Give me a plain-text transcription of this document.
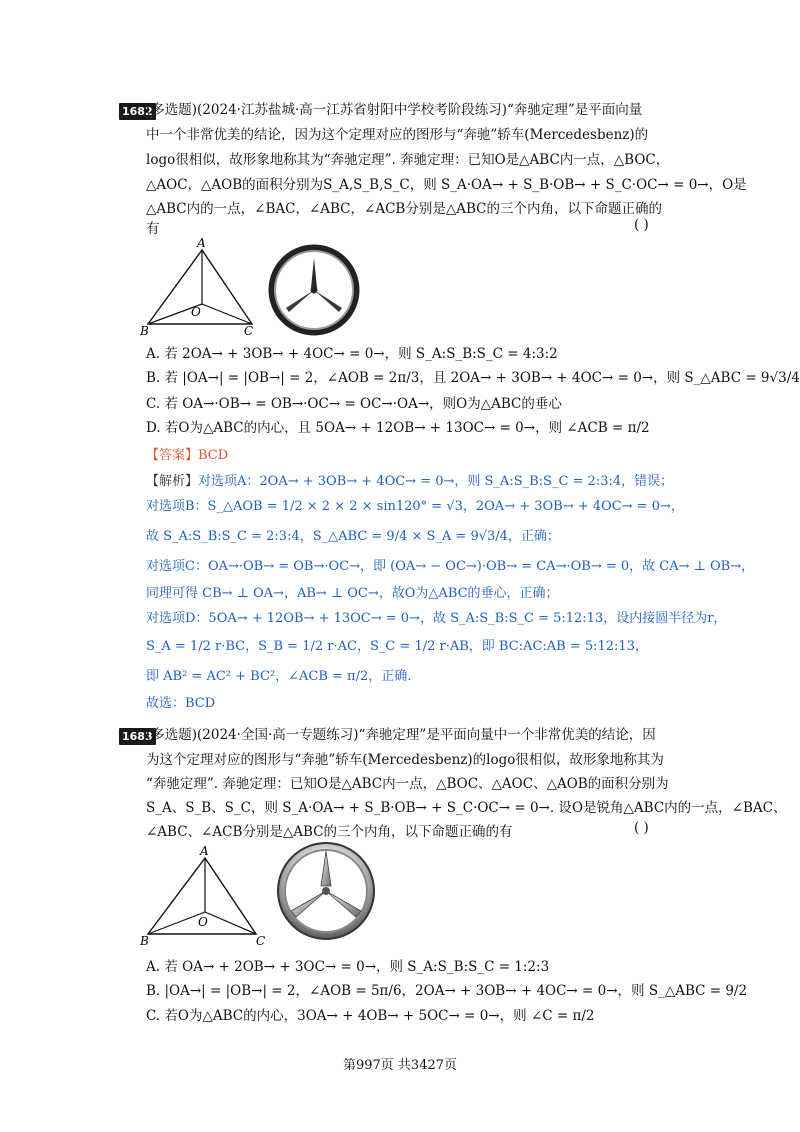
1682
(多选题)(2024·江苏盐城·高一江苏省射阳中学校考阶段练习)“奔驰定理”是平面向量
中一个非常优美的结论，因为这个定理对应的图形与“奔驰”轿车(Mercedesbenz)的
logo很相似，故形象地称其为“奔驰定理”. 奔驰定理：已知O是△ABC内一点，△BOC，
△AOC，△AOB的面积分别为S_A,S_B,S_C，则 S_A·OA→ + S_B·OB→ + S_C·OC→ = 0→，O是
△ABC内的一点，∠BAC，∠ABC，∠ACB分别是△ABC的三个内角，以下命题正确的
有	( )
A
B	C
O
A. 若 2OA→ + 3OB→ + 4OC→ = 0→，则 S_A:S_B:S_C = 4:3:2
B. 若 |OA→| = |OB→| = 2，∠AOB = 2π/3，且 2OA→ + 3OB→ + 4OC→ = 0→，则 S_△ABC = 9√3/4
C. 若 OA→·OB→ = OB→·OC→ = OC→·OA→，则O为△ABC的垂心
D. 若O为△ABC的内心，且 5OA→ + 12OB→ + 13OC→ = 0→，则 ∠ACB = π/2
【答案】BCD
【解析】对选项A：2OA→ + 3OB→ + 4OC→ = 0→，则 S_A:S_B:S_C = 2:3:4，错误；
对选项B：S_△AOB = 1/2 × 2 × 2 × sin120° = √3，2OA→ + 3OB→ + 4OC→ = 0→，
故 S_A:S_B:S_C = 2:3:4，S_△ABC = 9/4 × S_A = 9√3/4，正确；
对选项C：OA→·OB→ = OB→·OC→，即 (OA→ − OC→)·OB→ = CA→·OB→ = 0，故 CA→ ⊥ OB→，
同理可得 CB→ ⊥ OA→，AB→ ⊥ OC→，故O为△ABC的垂心，正确；
对选项D：5OA→ + 12OB→ + 13OC→ = 0→，故 S_A:S_B:S_C = 5:12:13，设内接圆半径为r，
S_A = 1/2 r·BC，S_B = 1/2 r·AC，S_C = 1/2 r·AB，即 BC:AC:AB = 5:12:13，
即 AB² = AC² + BC²，∠ACB = π/2，正确.
故选：BCD
1683
(多选题)(2024·全国·高一专题练习)“奔驰定理”是平面向量中一个非常优美的结论，因
为这个定理对应的图形与“奔驰”轿车(Mercedesbenz)的logo很相似，故形象地称其为
“奔驰定理”. 奔驰定理：已知O是△ABC内一点，△BOC、△AOC、△AOB的面积分别为
S_A、S_B、S_C，则 S_A·OA→ + S_B·OB→ + S_C·OC→ = 0→. 设O是锐角△ABC内的一点，∠BAC、
∠ABC、∠ACB分别是△ABC的三个内角，以下命题正确的有	( )
A
B	C
O
A. 若 OA→ + 2OB→ + 3OC→ = 0→，则 S_A:S_B:S_C = 1:2:3
B. |OA→| = |OB→| = 2，∠AOB = 5π/6，2OA→ + 3OB→ + 4OC→ = 0→，则 S_△ABC = 9/2
C. 若O为△ABC的内心，3OA→ + 4OB→ + 5OC→ = 0→，则 ∠C = π/2
第997页 共3427页
